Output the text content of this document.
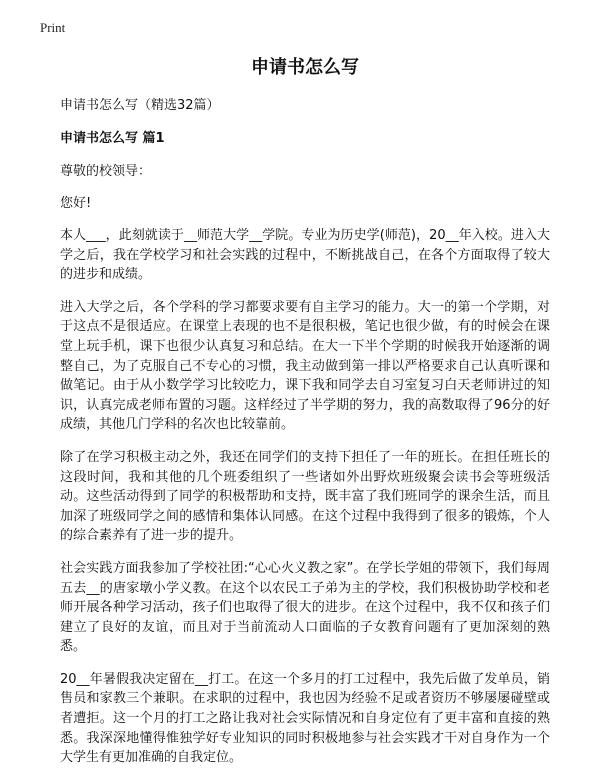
Print
申请书怎么写
申请书怎么写（精选32篇）
申请书怎么写 篇1
尊敬的校领导：
您好!

本人___，此刻就读于__师范大学__学院。专业为历史学(师范)，20__年入校。进入大学之后，我在学校学习和社会实践的过程中，不断挑战自己，在各个方面取得了较大的进步和成绩。

进入大学之后，各个学科的学习都要求要有自主学习的能力。大一的第一个学期，对于这点不是很适应。在课堂上表现的也不是很积极，笔记也很少做，有的时候会在课堂上玩手机，课下也很少认真复习和总结。在大一下半个学期的时候我开始逐渐的调整自己，为了克服自己不专心的习惯，我主动做到第一排以严格要求自己认真听课和做笔记。由于从小数学学习比较吃力，课下我和同学去自习室复习白天老师讲过的知识，认真完成老师布置的习题。这样经过了半学期的努力，我的高数取得了96分的好成绩，其他几门学科的名次也比较靠前。

除了在学习积极主动之外，我还在同学们的支持下担任了一年的班长。在担任班长的这段时间，我和其他的几个班委组织了一些诸如外出野炊班级聚会读书会等班级活动。这些活动得到了同学的积极帮助和支持，既丰富了我们班同学的课余生活，而且加深了班级同学之间的感情和集体认同感。在这个过程中我得到了很多的锻炼，个人的综合素养有了进一步的提升。

社会实践方面我参加了学校社团:“心心火义教之家”。在学长学姐的带领下，我们每周五去__的唐家墩小学义教。在这个以农民工子弟为主的学校，我们积极协助学校和老师开展各种学习活动，孩子们也取得了很大的进步。在这个过程中，我不仅和孩子们建立了良好的友谊，而且对于当前流动人口面临的子女教育问题有了更加深刻的熟悉。

20__年暑假我决定留在__打工。在这一个多月的打工过程中，我先后做了发单员，销售员和家教三个兼职。在求职的过程中，我也因为经验不足或者资历不够屡屡碰壁或者遭拒。这一个月的打工之路让我对社会实际情况和自身定位有了更丰富和直接的熟悉。我深深地懂得惟独学好专业知识的同时积极地参与社会实践才干对自身作为一个大学生有更加准确的自我定位。
